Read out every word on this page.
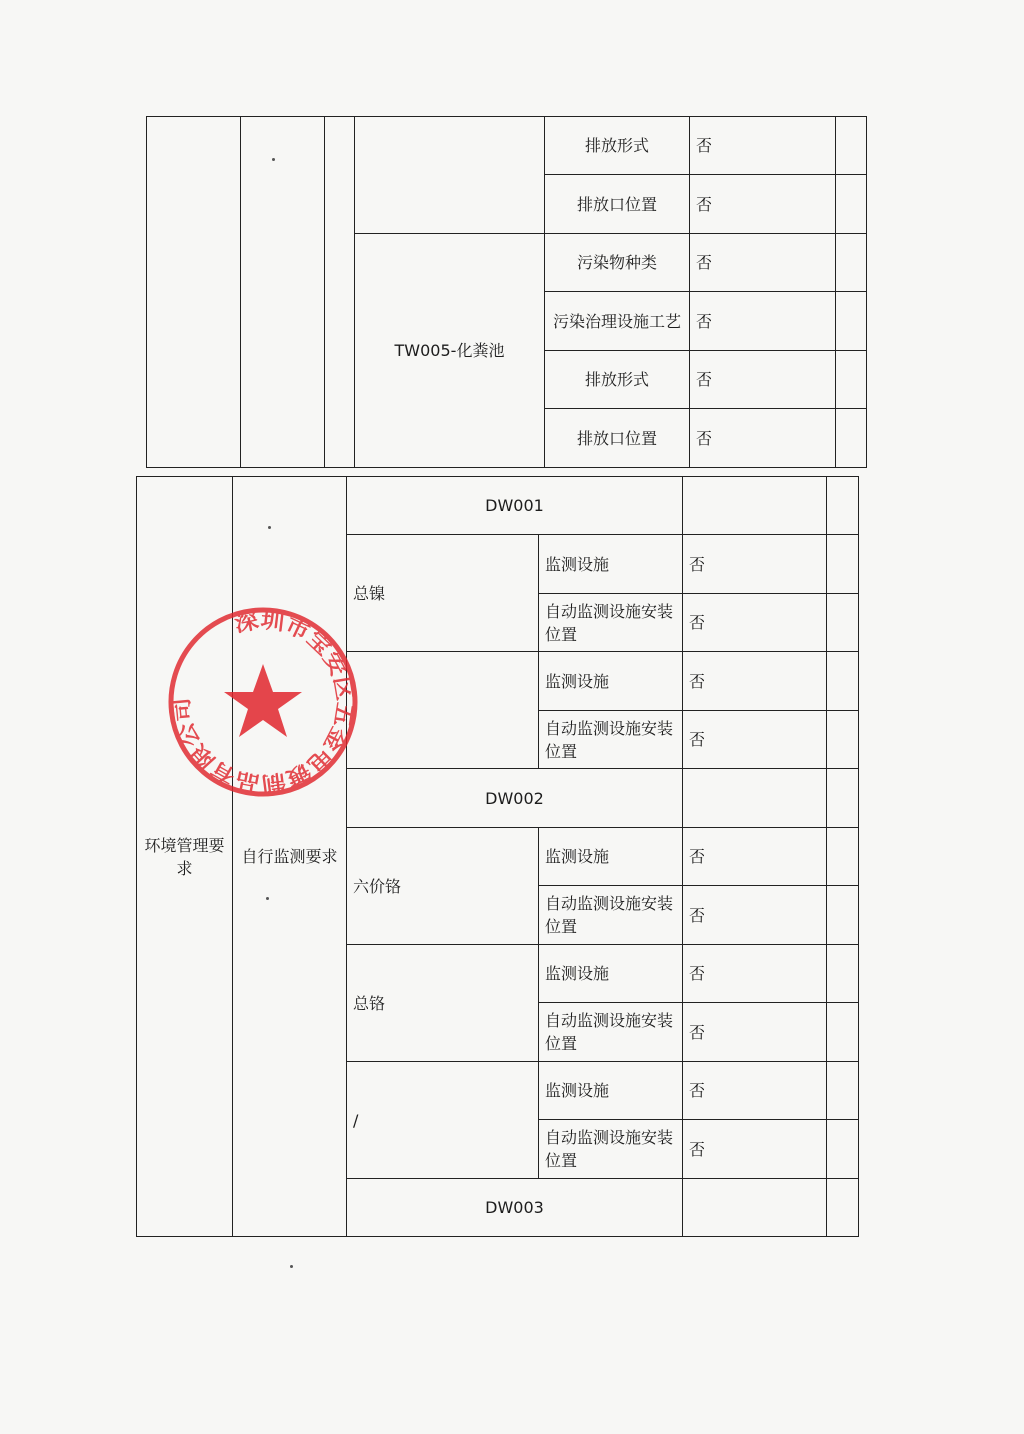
				排放形式	否	
				排放口位置	否	
			TW005-化粪池	污染物种类	否	
				污染治理设施工艺	否	
				排放形式	否	
				排放口位置	否	
环境管理要求	自行监测要求	DW001			
		总镍	监测设施	否	
			自动监测设施安装位置	否	
			监测设施	否	
			自动监测设施安装位置	否	
		DW002			
		六价铬	监测设施	否	
			自动监测设施安装位置	否	
		总铬	监测设施	否	
			自动监测设施安装位置	否	
		/	监测设施	否	
			自动监测设施安装位置	否	
		DW003			
深圳市宝安区五金电镀制品有限公司
